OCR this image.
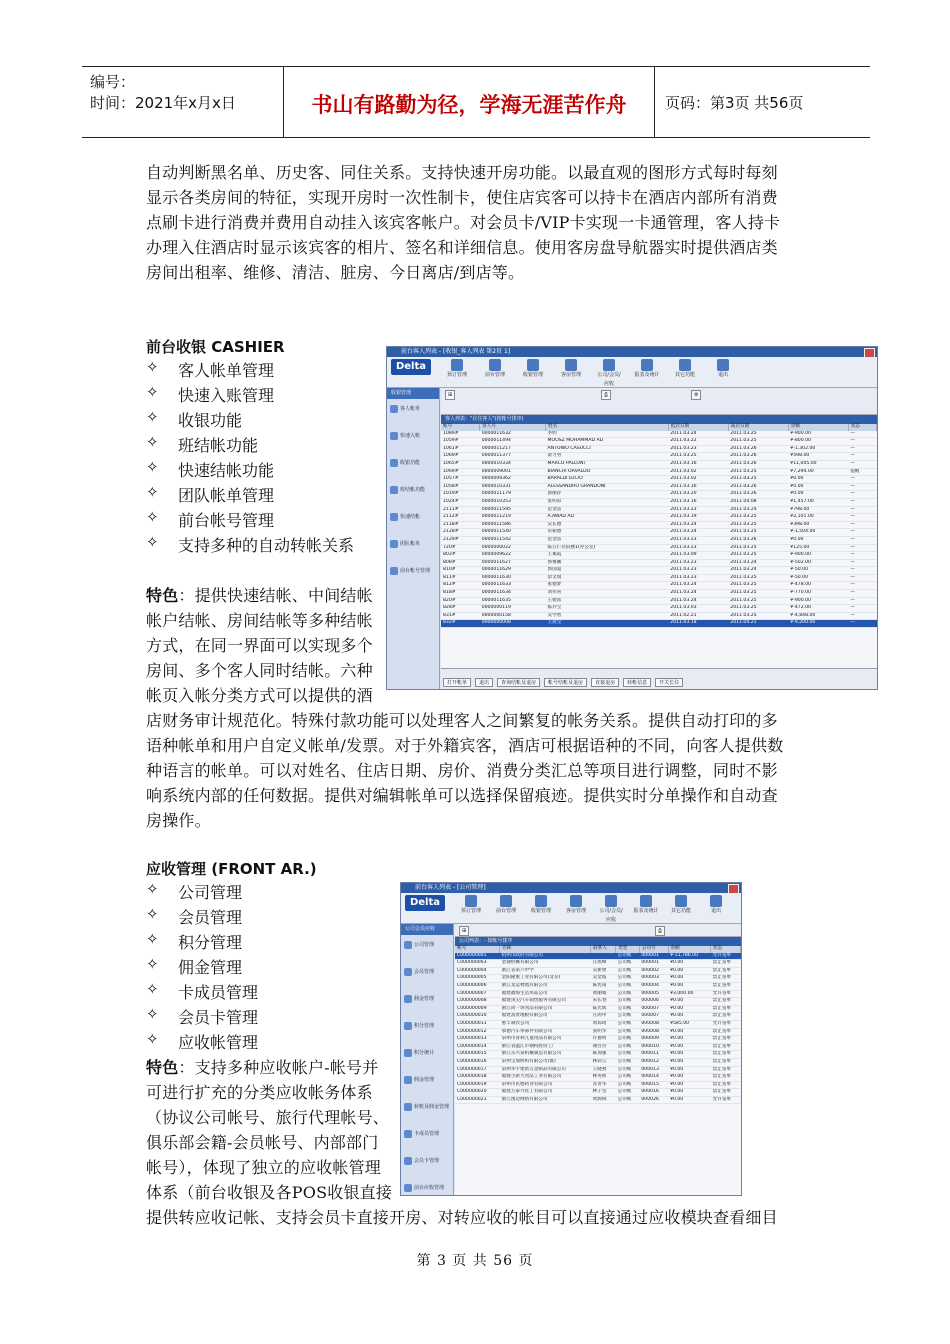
编号：
时间：2021年x月x日	书山有路勤为径，学海无涯苦作舟	页码：第3页 共56页
自动判断黑名单、历史客、同住关系。支持快速开房功能。以最直观的图形方式每时每刻
显示各类房间的特征，实现开房时一次性制卡，使住店宾客可以持卡在酒店内部所有消费
点刷卡进行消费并费用自动挂入该宾客帐户。对会员卡/VIP卡实现一卡通管理，客人持卡
办理入住酒店时显示该宾客的相片、签名和详细信息。使用客房盘导航器实时提供酒店类
房间出租率、维修、清洁、脏房、今日离店/到店等。
前台收银 CASHIER
✧	客人帐单管理
✧	快速入账管理
✧	收银功能
✧	班结帐功能
✧	快速结帐功能
✧	团队帐单管理
✧	前台帐号管理
✧	支持多种的自动转帐关系
特色：提供快速结帐、中间结帐
帐户结帐、房间结帐等多种结帐
方式，在同一界面可以实现多个
房间、多个客人同时结帐。六种
帐页入帐分类方式可以提供的酒
店财务审计规范化。特殊付款功能可以处理客人之间繁复的帐务关系。提供自动打印的多
语种帐单和用户自定义帐单/发票。对于外籍宾客，酒店可根据语种的不同，向客人提供数
种语言的帐单。可以对姓名、住店日期、房价、消费分类汇总等项目进行调整，同时不影
响系统内部的任何数据。提供对编辑帐单可以选择保留痕迹。提供实时分单操作和自动查
房操作。
前台客人列表 - [收银_客人列表 第2页 1]
Delta
预订管理	前台管理	收银管理	客房管理	公司/会员/应收
报表及统计	其它功能	退出
收银管理
客人帐单
快速入账
收银功能
班结帐功能
快速结帐
团队帐单
前台帐号管理
⊞	⎙	⚙
客人列表："在住客人"(按帐号排序)
帐号	客人号	姓名	抵店日期	离店日期	余额	状态
1089#	0000011632	李明	2011.03.24	2011.03.25	¥-900.00	—
1059#	0000011494	MOOSZ MOHAMMAD ALI	2011.03.22	2011.03.25	¥-800.00	—
1061#	0000011217	ANTONIO CASUCCI	2011.03.23	2011.03.26	¥-1,302.00	—
1069#	0000011377	翟力男	2011.03.25	2011.03.26	¥598.00	—
1065#	0000010334	MARCO PALLONI	2011.03.16	2011.03.26	¥11,005.00	—
1069#	0000009001	BIANCHI ORVALDO	2011.03.02	2011.03.25	¥7,294.00	提醒
1057#	0000009362	BARALDI LUCIO	2011.03.02	2011.03.25	¥0.00	—
1058#	0000010331	ALESSANDRO GRANDONI	2011.03.16	2011.03.26	¥0.00	—
1019#	0000011179	郭丽萍	2011.03.20	2011.03.26	¥0.00	—
1024#	0000010353	张明彩	2011.03.16	2011.04.08	¥1,457.00	—
2111#	0000011595	范金雷	2011.03.23	2011.03.24	¥798.00	—
2112#	0000011219	A.AWAD ALI	2011.03.19	2011.03.25	¥2,101.00	—
2118#	0000011586	吴长德	2011.03.24	2011.03.25	¥398.00	—
2128#	0000011540	常振德	2011.03.24	2011.03.25	¥-1,504.00	—
2129#	0000011542	范金雷	2011.03.23	2011.03.26	¥0.00	—
720#	0000000022	陈笠仁住院楼1(办公室)	2011.03.23	2011.03.25	¥125.00	—
802#	0000009622	王素霞	2011.03.09	2011.03.25	¥-900.00	—
808#	0000011627	郭雾鹏	2011.03.23	2011.03.24	¥-502.00	—
810#	0000011629	郭国超	2011.03.23	2011.03.24	¥-50.00	—
811#	0000011630	余文瑞	2011.03.23	2011.03.25	¥-50.00	—
812#	0000011633	张德梦	2011.03.24	2011.03.25	¥-478.00	—
818#	0000011634	刘伟喜	2011.03.24	2011.03.25	¥-770.00	—
820#	0000011635	王德富	2011.03.24	2011.03.25	¥-900.00	—
828#	0000000119	陈乔宝	2011.03.03	2011.03.25	¥-472.00	—
831#	0000000158	吴学智	2011.02.21	2011.03.25	¥-4,848.00	—
832#	0000000008	王晨宝	2011.03.18	2011.04.21	¥-9,200.00	—
打开帐单 退出 查询结帐及退房 帐号结帐及退房 直接退房 转帐信息 开关长住
应收管理 (FRONT AR.)
✧	公司管理
✧	会员管理
✧	积分管理
✧	佣金管理
✧	卡成员管理
✧	会员卡管理
✧	应收帐管理
特色：支持多种应收帐户-帐号并
可进行扩充的分类应收帐务体系
（协议公司帐号、旅行代理帐号、
俱乐部会籍-会员帐号、内部部门
帐号），体现了独立的应收帐管理
体系（前台收银及各POS收银直接
提供转应收记帐、支持会员卡直接开房、对转应收的帐目可以直接通过应收模块查看细目
前台客人列表 - [公司管理]
Delta
预订管理	前台管理	收银管理	客房管理	公司/会员/应收
报表及统计	其它功能	退出
公司会员应收
公司管理
会员管理
佣金管理
积分管理
积分统计
佣金管理
转账及佣金管理
卡成员管理
会员卡管理
前台应收管理
⊞	⎙
公司列表：- 按帐号排序
帐号	名称	联系人	类型	公司号	余额	状态
C000000001	杭州市政府有限公司		公司帐	000001	¥-11,786.00	允许签单
C000000003	金通机械有限公司	庄凯峰	公司帐	000001	¥0.00	禁止签单
C000000004	浙江省第六中学	吴新建	公司帐	000002	¥0.00	禁止签单
C000000005	金阳隆重工业有限公司(北京)	吴金波	公司帐	000003	¥0.00	禁止签单
C000000006	浙江龙运物流有限公司	陈宪南	公司帐	000004	¥0.00	禁止签单
C000000007	福建福海生活用品公司	黄丽娟	公司帐	000005	¥3,000.00	允许签单
C000000008	福建顶尖汽车销售服务有限公司	宋长春	公司帐	000006	¥0.00	禁止签单
C000000009	浙江同一讲食品有限公司	陆光辉	公司帐	000007	¥0.00	禁止签单
C000000010	福建富贵地板有限公司	庄鸿申	公司帐	000007	¥0.00	禁止签单
C000000011	惠丰制衣公司	黄琼琦	公司帐	000008	¥585.00	允许签单
C000000012	承德汽车零部件有限公司	张明华	公司帐	000008	¥0.00	禁止签单
C000000013	泉州市喜利儿童用品有限公司	许德明	公司帐	000009	¥0.00	禁止签单
C000000014	浙江省温江市钢构股份工厂	谢宫宫	公司帐	000010	¥0.00	禁止签单
C000000015	浙江东兴泉机械制造有限公司	陈加强	公司帐	000011	¥0.00	禁止签单
C000000016	泉州宝瑞纺织有限公司(群)	林彩云	公司帐	000012	¥0.00	禁止签单
C000000017	泉州华宇建新五金制品有限公司	王晓燕	公司帐	000013	¥0.00	禁止签单
C000000018	福建小新大食品工业有限公司	林英辉	公司帐	000014	¥0.00	禁止签单
C000000019	泉州市民德药业有限公司	苏善华	公司帐	000015	¥0.00	禁止签单
C000000020	福建万泰兴化工有限公司	林子坚	公司帐	000016	¥0.00	禁止签单
C000000021	浙江图边网络有限公司	黄源棋	公司帐	000026	¥0.00	允许签单
第 3 页 共 56 页
